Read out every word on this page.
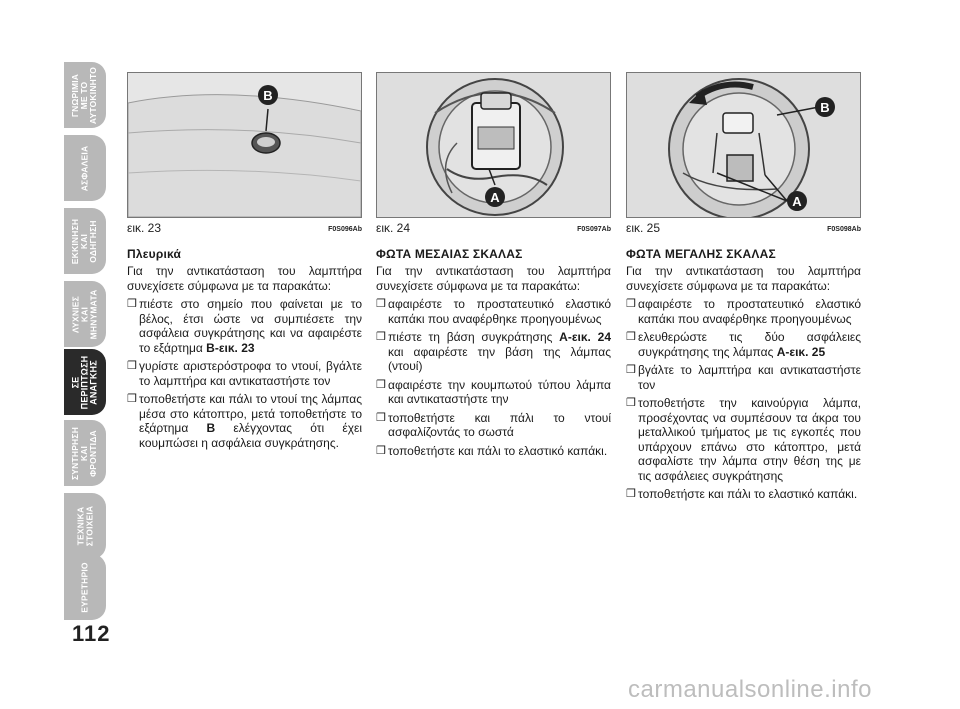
ΓΝΩΡΙΜΙΑ
ΜΕ ΤΟ
ΑΥΤΟΚΙΝΗΤΟ
ΑΣΦΑΛΕΙΑ
ΕΚΚΙΝΗΣΗ
ΚΑΙ
ΟΔΗΓΗΣΗ
ΛΥΧΝΙΕΣ
ΚΑΙ
ΜΗΝΥΜΑΤΑ
ΣΕ
ΠΕΡΙΠΤΩΣΗ
ΑΝΑΓΚΗΣ
ΣΥΝΤΗΡΗΣΗ
ΚΑΙ
ΦΡΟΝΤΙΔΑ
ΤΕΧΝΙΚΑ
ΣΤΟΙΧΕΙΑ
ΕΥΡΕΤΗΡΙΟ
112
B
εικ. 23	F0S096Ab
Πλευρικά

Για την αντικατάσταση του λαμπτήρα συνεχίσετε σύμφωνα με τα παρακάτω:

❒ πιέστε στο σημείο που φαίνεται με το βέλος, έτσι ώστε να συμπιέσετε την ασφάλεια συγκράτησης και να αφαιρέστε το εξάρτημα B-εικ. 23
❒ γυρίστε αριστερόστροφα το ντουί, βγάλτε το λαμπτήρα και αντικαταστήστε τον
❒ τοποθετήστε και πάλι το ντουί της λάμπας μέσα στο κάτοπτρο, μετά τοποθετήστε το εξάρτημα B ελέγχοντας ότι έχει κουμπώσει η ασφάλεια συγκράτησης.
A
εικ. 24	F0S097Ab
ΦΩΤΑ ΜΕΣΑΙΑΣ ΣΚΑΛΑΣ

Για την αντικατάσταση του λαμπτήρα συνεχίσετε σύμφωνα με τα παρακάτω:

❒ αφαιρέστε το προστατευτικό ελαστικό καπάκι που αναφέρθηκε προηγουμένως
❒ πιέστε τη βάση συγκράτησης A-εικ. 24 και αφαιρέστε την βάση της λάμπας (ντουί)
❒ αφαιρέστε την κουμπωτού τύπου λάμπα και αντικαταστήστε την
❒ τοποθετήστε και πάλι το ντουί ασφαλίζοντάς το σωστά
❒ τοποθετήστε και πάλι το ελαστικό καπάκι.
B
A
εικ. 25	F0S098Ab
ΦΩΤΑ ΜΕΓΑΛΗΣ ΣΚΑΛΑΣ

Για την αντικατάσταση του λαμπτήρα συνεχίσετε σύμφωνα με τα παρακάτω:

❒ αφαιρέστε το προστατευτικό ελαστικό καπάκι που αναφέρθηκε προηγουμένως
❒ ελευθερώστε τις δύο ασφάλειες συγκράτησης της λάμπας A-εικ. 25
❒ βγάλτε το λαμπτήρα και αντικαταστήστε τον
❒ τοποθετήστε την καινούργια λάμπα, προσέχοντας να συμπέσουν τα άκρα του μεταλλικού τμήματος με τις εγκοπές που υπάρχουν επάνω στο κάτοπτρο, μετά ασφαλίστε την λάμπα στην θέση της με τις ασφάλειες συγκράτησης
❒ τοποθετήστε και πάλι το ελαστικό καπάκι.
carmanualsonline.info
